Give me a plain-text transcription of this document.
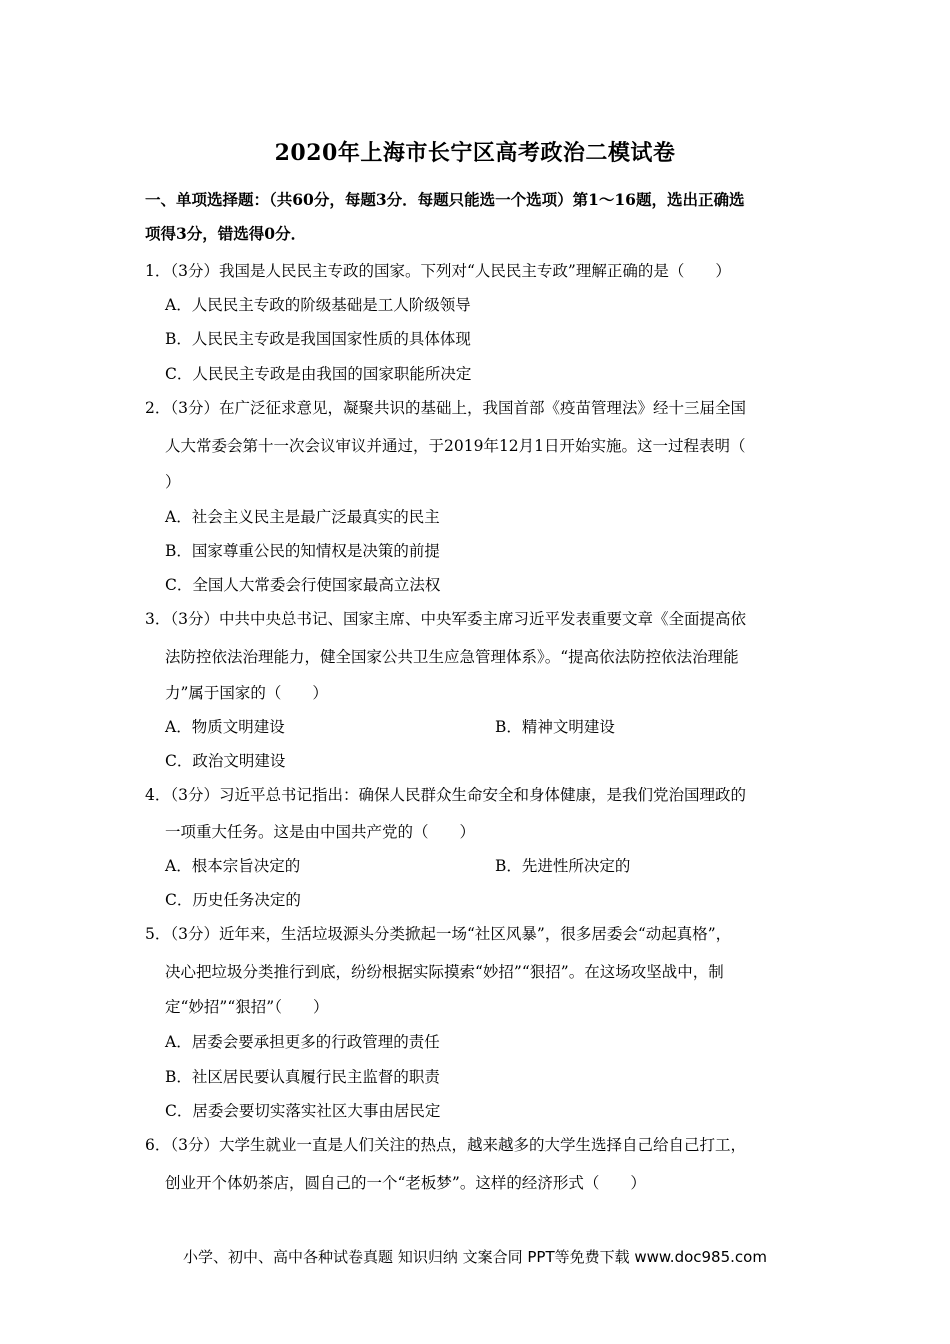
2020年上海市长宁区高考政治二模试卷
一、单项选择题：（共60分，每题3分．每题只能选一个选项）第1～16题，选出正确选
项得3分，错选得0分．
1．（3分）我国是人民民主专政的国家。下列对“人民民主专政”理解正确的是（　　）
A．人民民主专政的阶级基础是工人阶级领导
B．人民民主专政是我国国家性质的具体体现
C．人民民主专政是由我国的国家职能所决定
2．（3分）在广泛征求意见，凝聚共识的基础上，我国首部《疫苗管理法》经十三届全国
人大常委会第十一次会议审议并通过，于2019年12月1日开始实施。这一过程表明（
）
A．社会主义民主是最广泛最真实的民主
B．国家尊重公民的知情权是决策的前提
C．全国人大常委会行使国家最高立法权
3．（3分）中共中央总书记、国家主席、中央军委主席习近平发表重要文章《全面提高依
法防控依法治理能力，健全国家公共卫生应急管理体系》。“提高依法防控依法治理能
力”属于国家的（　　）
A．物质文明建设	B．精神文明建设
C．政治文明建设
4．（3分）习近平总书记指出：确保人民群众生命安全和身体健康，是我们党治国理政的
一项重大任务。这是由中国共产党的（　　）
A．根本宗旨决定的	B．先进性所决定的
C．历史任务决定的
5．（3分）近年来，生活垃圾源头分类掀起一场“社区风暴”，很多居委会“动起真格”，
决心把垃圾分类推行到底，纷纷根据实际摸索“妙招”“狠招”。在这场攻坚战中，制
定“妙招”“狠招”（　　）
A．居委会要承担更多的行政管理的责任
B．社区居民要认真履行民主监督的职责
C．居委会要切实落实社区大事由居民定
6．（3分）大学生就业一直是人们关注的热点，越来越多的大学生选择自己给自己打工，
创业开个体奶茶店，圆自己的一个“老板梦”。这样的经济形式（　　）
小学、初中、高中各种试卷真题 知识归纳 文案合同 PPT等免费下载 www.doc985.com
